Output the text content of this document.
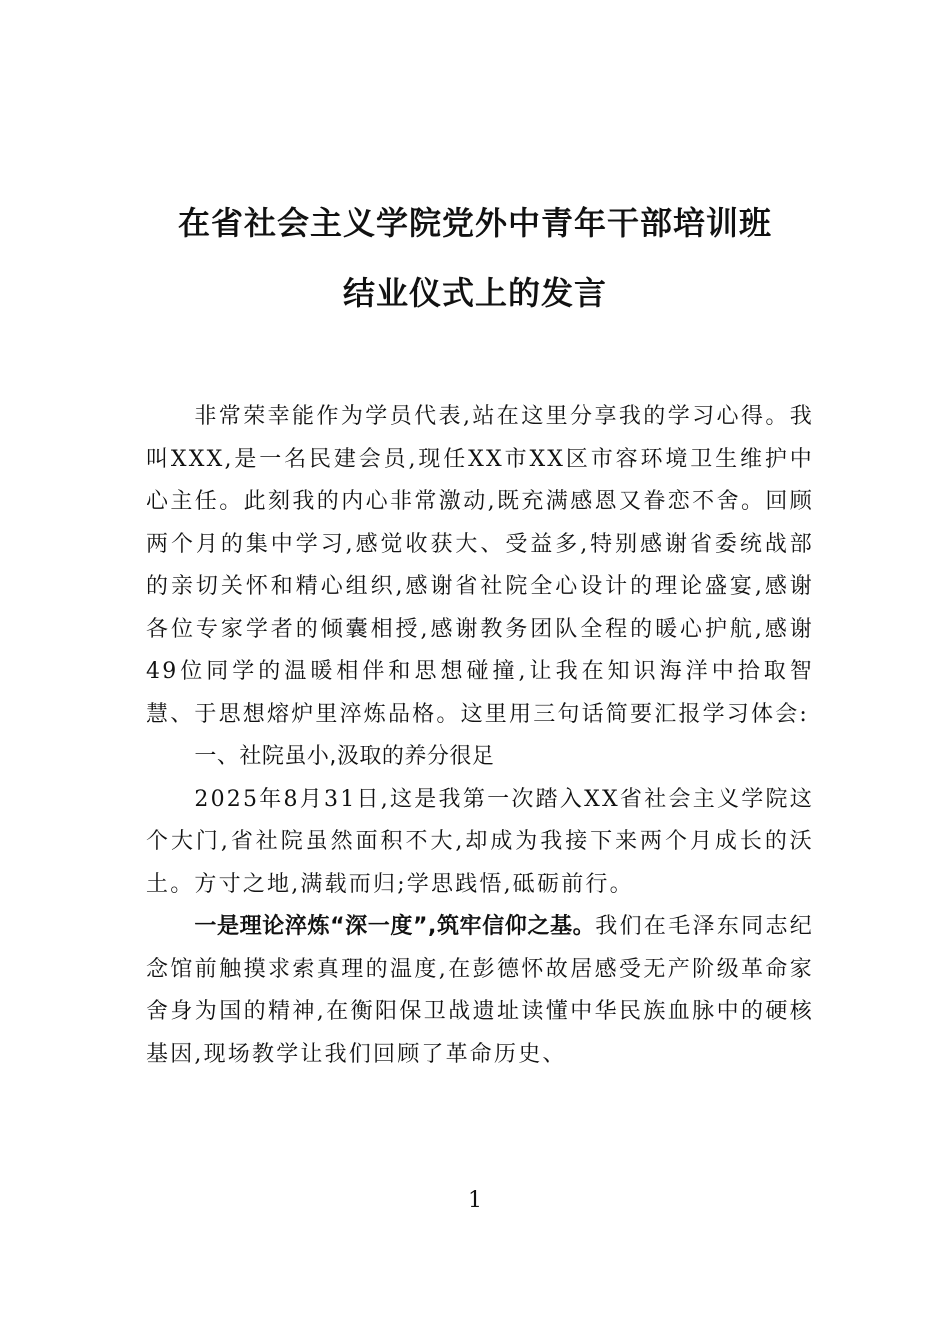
在省社会主义学院党外中青年干部培训班
结业仪式上的发言

非常荣幸能作为学员代表,站在这里分享我的学习心得。我叫XXX,是一名民建会员,现任XX市XX区市容环境卫生维护中心主任。此刻我的内心非常激动,既充满感恩又眷恋不舍。回顾两个月的集中学习,感觉收获大、受益多,特别感谢省委统战部的亲切关怀和精心组织,感谢省社院全心设计的理论盛宴,感谢各位专家学者的倾囊相授,感谢教务团队全程的暖心护航,感谢49位同学的温暖相伴和思想碰撞,让我在知识海洋中拾取智慧、于思想熔炉里淬炼品格。这里用三句话简要汇报学习体会:

一、社院虽小,汲取的养分很足

2025年8月31日,这是我第一次踏入XX省社会主义学院这个大门,省社院虽然面积不大,却成为我接下来两个月成长的沃土。方寸之地,满载而归;学思践悟,砥砺前行。

一是理论淬炼“深一度”,筑牢信仰之基。我们在毛泽东同志纪念馆前触摸求索真理的温度,在彭德怀故居感受无产阶级革命家舍身为国的精神,在衡阳保卫战遗址读懂中华民族血脉中的硬核基因,现场教学让我们回顾了革命历史、

1
